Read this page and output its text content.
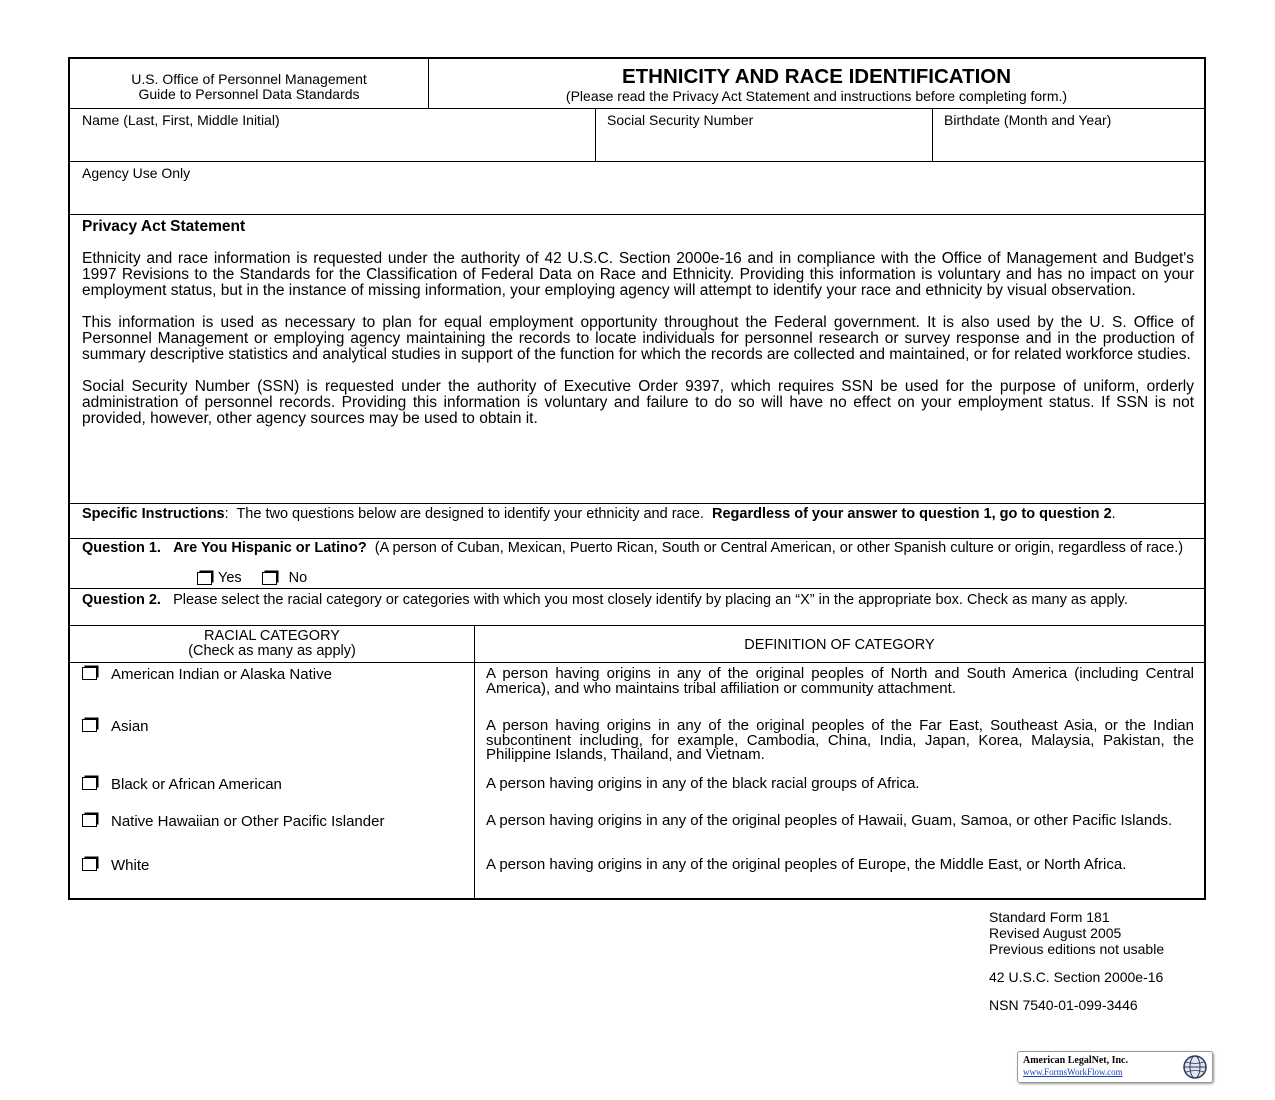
U.S. Office of Personnel Management
Guide to Personnel Data Standards
ETHNICITY AND RACE IDENTIFICATION
(Please read the Privacy Act Statement and instructions before completing form.)
Name (Last, First, Middle Initial)	Social Security Number	Birthdate (Month and Year)
Agency Use Only
Privacy Act Statement
Ethnicity and race information is requested under the authority of 42 U.S.C. Section 2000e-16 and in compliance with the Office of Management and Budget's 1997 Revisions to the Standards for the Classification of Federal Data on Race and Ethnicity. Providing this information is voluntary and has no impact on your employment status, but in the instance of missing information, your employing agency will attempt to identify your race and ethnicity by visual observation.
This information is used as necessary to plan for equal employment opportunity throughout the Federal government. It is also used by the U. S. Office of Personnel Management or employing agency maintaining the records to locate individuals for personnel research or survey response and in the production of summary descriptive statistics and analytical studies in support of the function for which the records are collected and maintained, or for related workforce studies.
Social Security Number (SSN) is requested under the authority of Executive Order 9397, which requires SSN be used for the purpose of uniform, orderly administration of personnel records. Providing this information is voluntary and failure to do so will have no effect on your employment status. If SSN is not provided, however, other agency sources may be used to obtain it.
Specific Instructions:  The two questions below are designed to identify your ethnicity and race.  Regardless of your answer to question 1, go to question 2.
Question 1. Are You Hispanic or Latino? (A person of Cuban, Mexican, Puerto Rican, South or Central American, or other Spanish culture or origin, regardless of race.)
Yes	No
Question 2. Please select the racial category or categories with which you most closely identify by placing an “X” in the appropriate box. Check as many as apply.
RACIAL CATEGORY
(Check as many as apply)	DEFINITION OF CATEGORY
American Indian or Alaska Native	A person having origins in any of the original peoples of North and South America (including Central America), and who maintains tribal affiliation or community attachment.
Asian	A person having origins in any of the original peoples of the Far East, Southeast Asia, or the Indian subcontinent including, for example, Cambodia, China, India, Japan, Korea, Malaysia, Pakistan, the Philippine Islands, Thailand, and Vietnam.
Black or African American	A person having origins in any of the black racial groups of Africa.
Native Hawaiian or Other Pacific Islander	A person having origins in any of the original peoples of Hawaii, Guam, Samoa, or other Pacific Islands.
White	A person having origins in any of the original peoples of Europe, the Middle East, or North Africa.
Standard Form 181
Revised August 2005
Previous editions not usable
42 U.S.C. Section 2000e-16
NSN 7540-01-099-3446
American LegalNet, Inc.
www.FormsWorkFlow.com
